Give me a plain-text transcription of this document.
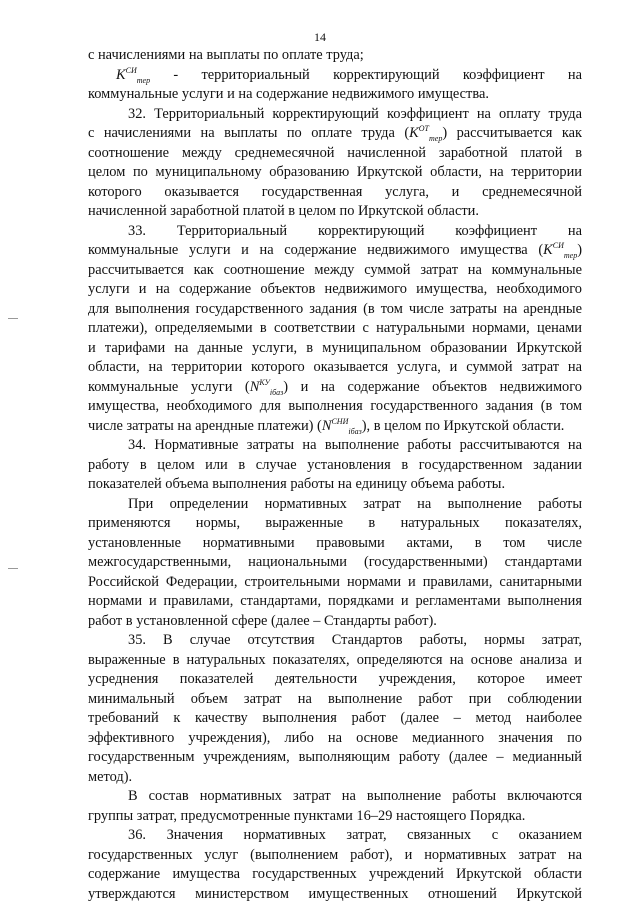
14
с начислениями на выплаты по оплате труда;
$K^{СИ}_{тер}$ - территориальный корректирующий коэффициент на
коммунальные услуги и на содержание недвижимого имущества.
32. Территориальный корректирующий коэффициент на оплату труда
с начислениями на выплаты по оплате труда $(K^{ОТ}_{тер})$ рассчитывается как
соотношение между среднемесячной начисленной заработной платой в
целом по муниципальному образованию Иркутской области, на территории
которого оказывается государственная услуга, и среднемесячной
начисленной заработной платой в целом по Иркутской области.
33. Территориальный корректирующий коэффициент на
коммунальные услуги и на содержание недвижимого имущества $(K^{СИ}_{тер})$
рассчитывается как соотношение между суммой затрат на коммунальные
услуги и на содержание объектов недвижимого имущества, необходимого
для выполнения государственного задания (в том числе затраты на арендные
платежи), определяемыми в соответствии с натуральными нормами, ценами
и тарифами на данные услуги, в муниципальном образовании Иркутской
области, на территории которого оказывается услуга, и суммой затрат на
коммунальные услуги $(N^{КУ}_{iбаз})$ и на содержание объектов недвижимого
имущества, необходимого для выполнения государственного задания (в том
числе затраты на арендные платежи) $(N^{СНИ}_{iбаз})$, в целом по Иркутской области.
34. Нормативные затраты на выполнение работы рассчитываются на
работу в целом или в случае установления в государственном задании
показателей объема выполнения работы на единицу объема работы.
При определении нормативных затрат на выполнение работы
применяются нормы, выраженные в натуральных показателях,
установленные нормативными правовыми актами, в том числе
межгосударственными, национальными (государственными) стандартами
Российской Федерации, строительными нормами и правилами, санитарными
нормами и правилами, стандартами, порядками и регламентами выполнения
работ в установленной сфере (далее – Стандарты работ).
35. В случае отсутствия Стандартов работы, нормы затрат,
выраженные в натуральных показателях, определяются на основе анализа и
усреднения показателей деятельности учреждения, которое имеет
минимальный объем затрат на выполнение работ при соблюдении
требований к качеству выполнения работ (далее – метод наиболее
эффективного учреждения), либо на основе медианного значения по
государственным учреждениям, выполняющим работу (далее – медианный
метод).
В состав нормативных затрат на выполнение работы включаются
группы затрат, предусмотренные пунктами 16–29 настоящего Порядка.
36. Значения нормативных затрат, связанных с оказанием
государственных услуг (выполнением работ), и нормативных затрат на
содержание имущества государственных учреждений Иркутской области
утверждаются министерством имущественных отношений Иркутской
